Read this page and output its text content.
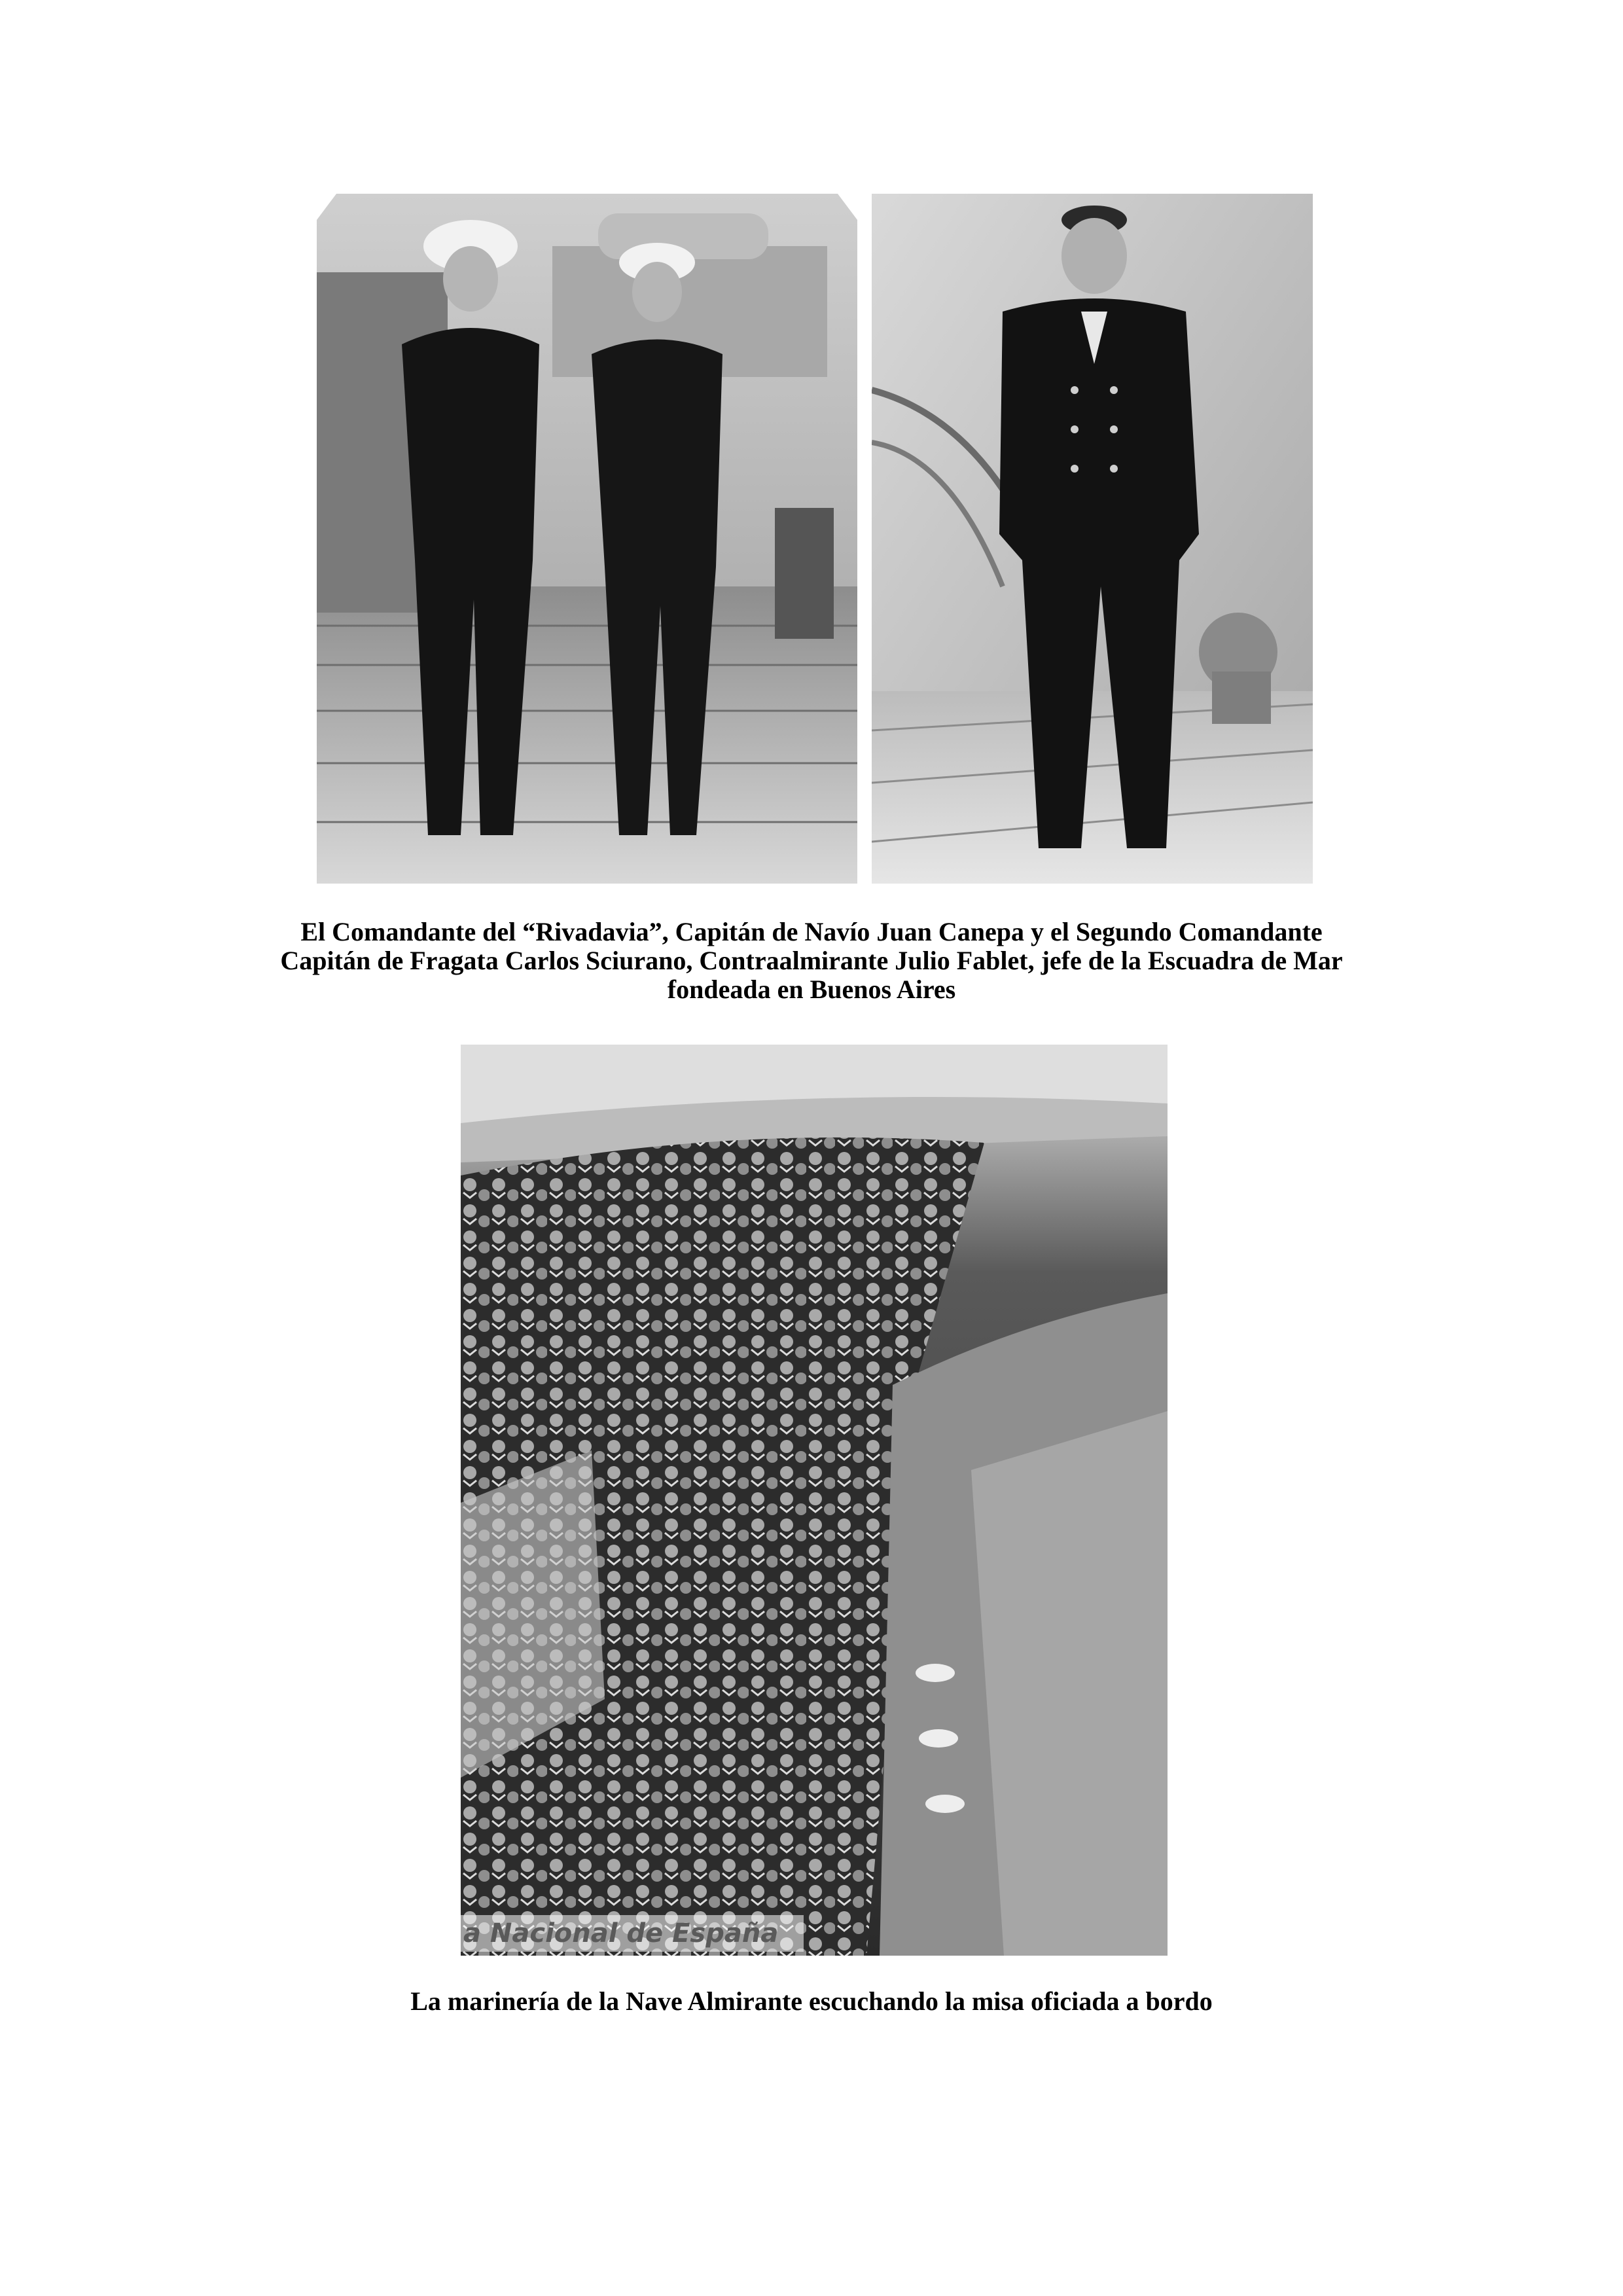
El Comandante del “Rivadavia”, Capitán de Navío Juan Canepa y el Segundo Comandante
Capitán de Fragata Carlos Sciurano, Contraalmirante Julio Fablet, jefe de la Escuadra de Mar
fondeada en Buenos Aires
a Nacional de España
La marinería de la Nave Almirante escuchando la misa oficiada a bordo
